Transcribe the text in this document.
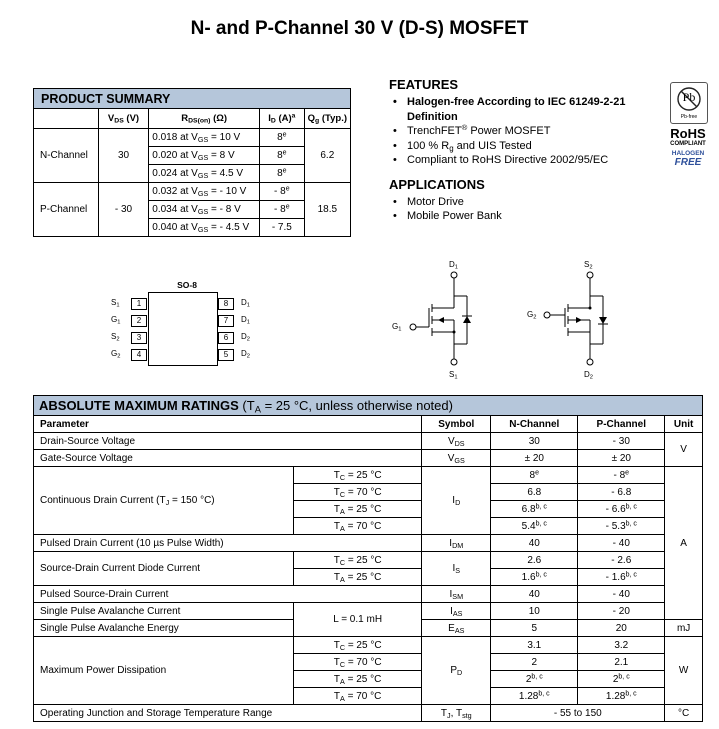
N- and P-Channel 30 V (D-S) MOSFET
PRODUCT SUMMARY				
	$V_{DS}$ (V)	$R_{DS(on)}$ (Ω)	$I_D$ $(A)^a$	$Q_g$ (Typ.)
N-Channel	30	0.018 at $V_{GS} = 10$ V	8e	6.2
		0.020 at $V_{GS} = 8$ V	8e
		0.024 at $V_{GS} = 4.5$ V	8e
P-Channel	- 30	0.032 at $V_{GS}$ = - 10 V	- 8e	18.5
		0.034 at $V_{GS}$ = - 8 V	- 8e
		0.040 at $V_{GS}$ = - 4.5 V	- 7.5	
FEATURES
• Halogen-free According to IEC 61249-2-21
Definition
• TrenchFET® Power MOSFET
• 100 % $R_g$ and UIS Tested
• Compliant to RoHS Directive 2002/95/EC
APPLICATIONS
• Motor Drive
• Mobile Power Bank
Pb
Pb-free
RoHS
COMPLIANT
HALOGEN
FREE
SO-8
$S_1$
$G_1$
$S_2$
$G_2$
1
2
3
4
8
7
6
5
$D_1$
$D_1$
$D_2$
$D_2$
$D_1$
$G_1$
$S_1$
$S_2$
$G_2$
$D_2$
ABSOLUTE MAXIMUM RATINGS ($T_A = 25$ °C, unless otherwise noted)					
Parameter		Symbol	N-Channel	P-Channel	Unit
Drain-Source Voltage		$V_{DS}$	30	- 30	V
Gate-Source Voltage		$V_{GS}$	± 20	± 20	
Continuous Drain Current ($T_J = 150$ °C)	$T_C = 25$ °C	$I_D$	8e	- 8e	A
	$T_C = 70$ °C		6.8	- 6.8	
	$T_A = 25$ °C		6.8$^{b, c}$	- 6.6$^{b, c}$
	$T_A = 70$ °C		5.4$^{b, c}$	- 5.3$^{b, c}$
Pulsed Drain Current (10 µs Pulse Width)		$I_{DM}$	40	- 40	
Source-Drain Current Diode Current	$T_C = 25$ °C	$I_S$	2.6	- 2.6	
	$T_A = 25$ °C		1.6$^{b, c}$	- 1.6$^{b, c}$
Pulsed Source-Drain Current		$I_{SM}$	40	- 40	
Single Pulse Avalanche Current	L = 0.1 mH	$I_{AS}$	10	- 20	
Single Pulse Avalanche Energy		$E_{AS}$	5	20	mJ
Maximum Power Dissipation	$T_C = 25$ °C	$P_D$	3.1	3.2	W
	$T_C = 70$ °C		2	2.1	
	$T_A = 25$ °C		2$^{b, c}$	2$^{b, c}$
	$T_A = 70$ °C		1.28$^{b, c}$	1.28$^{b, c}$
Operating Junction and Storage Temperature Range		$T_J$, $T_{stg}$	- 55 to 150		°C
